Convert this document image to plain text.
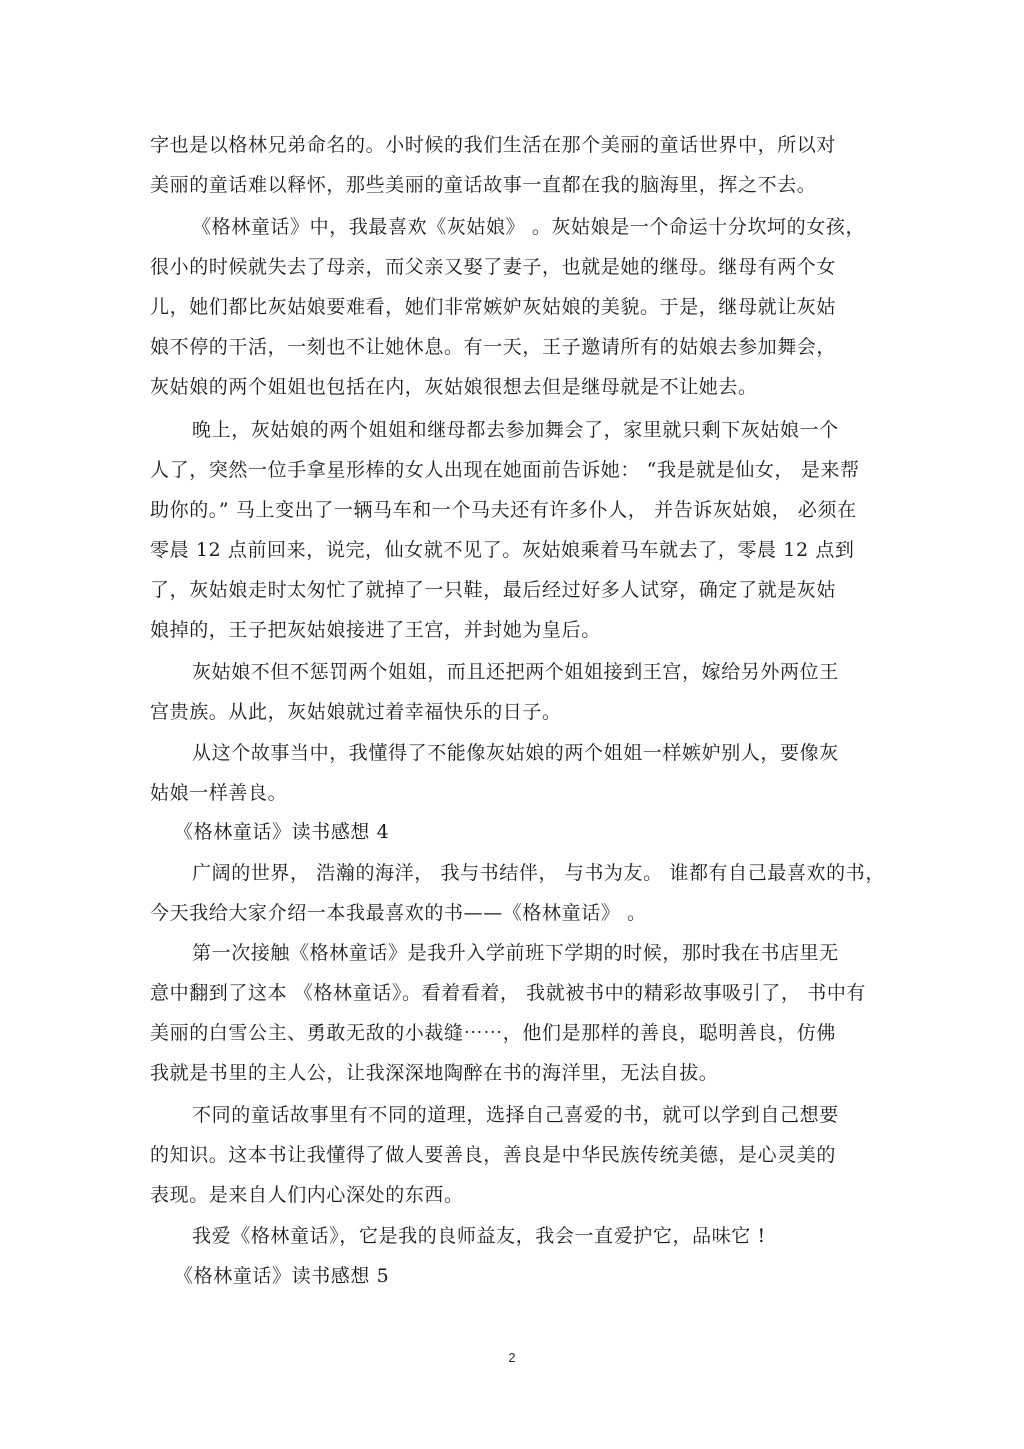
字也是以格林兄弟命名的。小时候的我们生活在那个美丽的童话世界中，所以对
美丽的童话难以释怀，那些美丽的童话故事一直都在我的脑海里，挥之不去。
《格林童话》中，我最喜欢《灰姑娘》 。灰姑娘是一个命运十分坎坷的女孩，
很小的时候就失去了母亲，而父亲又娶了妻子，也就是她的继母。继母有两个女
儿，她们都比灰姑娘要难看，她们非常嫉妒灰姑娘的美貌。于是，继母就让灰姑
娘不停的干活，一刻也不让她休息。有一天，王子邀请所有的姑娘去参加舞会，
灰姑娘的两个姐姐也包括在内，灰姑娘很想去但是继母就是不让她去。
晚上，灰姑娘的两个姐姐和继母都去参加舞会了，家里就只剩下灰姑娘一个
人了，突然一位手拿星形棒的女人出现在她面前告诉她： “我是就是仙女， 是来帮
助你的。” 马上变出了一辆马车和一个马夫还有许多仆人， 并告诉灰姑娘， 必须在
零晨 12 点前回来，说完，仙女就不见了。灰姑娘乘着马车就去了，零晨 12 点到
了，灰姑娘走时太匆忙了就掉了一只鞋，最后经过好多人试穿，确定了就是灰姑
娘掉的，王子把灰姑娘接进了王宫，并封她为皇后。
灰姑娘不但不惩罚两个姐姐，而且还把两个姐姐接到王宫，嫁给另外两位王
宫贵族。从此，灰姑娘就过着幸福快乐的日子。
从这个故事当中，我懂得了不能像灰姑娘的两个姐姐一样嫉妒别人，要像灰
姑娘一样善良。
《格林童话》读书感想 4
广阔的世界， 浩瀚的海洋， 我与书结伴， 与书为友。 谁都有自己最喜欢的书，
今天我给大家介绍一本我最喜欢的书——《格林童话》 。
第一次接触《格林童话》是我升入学前班下学期的时候，那时我在书店里无
意中翻到了这本 《格林童话》。看着看着， 我就被书中的精彩故事吸引了， 书中有
美丽的白雪公主、勇敢无敌的小裁缝⋯⋯，他们是那样的善良，聪明善良，仿佛
我就是书里的主人公，让我深深地陶醉在书的海洋里，无法自拔。
不同的童话故事里有不同的道理，选择自己喜爱的书，就可以学到自己想要
的知识。这本书让我懂得了做人要善良，善良是中华民族传统美德，是心灵美的
表现。是来自人们内心深处的东西。
我爱《格林童话》，它是我的良师益友，我会一直爱护它，品味它 !
《格林童话》读书感想 5
2
